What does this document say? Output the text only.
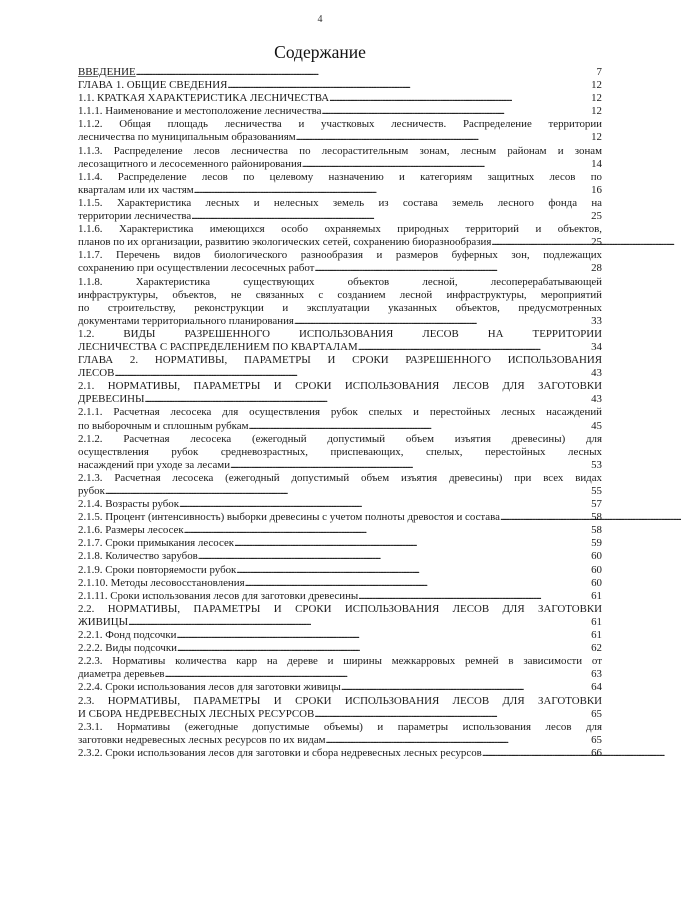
4
Содержание
ВВЕДЕНИЕ . . .	7
ГЛАВА 1. ОБЩИЕ СВЕДЕНИЯ . . .	12
1.1. КРАТКАЯ ХАРАКТЕРИСТИКА ЛЕСНИЧЕСТВА . . .	12
1.1.1. Наименование и местоположение лесничества . . .	12

1.1.2. Общая площадь лесничества и участковых лесничеств. Распределение территории

лесничества по муниципальным образованиям . . .	12

1.1.3. Распределение лесов лесничества по лесорастительным зонам, лесным районам и зонам

лесозащитного и лесосеменного районирования . . .	14

1.1.4. Распределение лесов по целевому назначению и категориям защитных лесов по

кварталам или их частям . . .	16

1.1.5. Характеристика лесных и нелесных земель из состава земель лесного фонда на

территории лесничества . . .	25

1.1.6. Характеристика имеющихся особо охраняемых природных территорий и объектов,

планов по их организации, развитию экологических сетей, сохранению биоразнообразия . . .	25

1.1.7. Перечень видов биологического разнообразия и размеров буферных зон, подлежащих

сохранению при осуществлении лесосечных работ . . .	28

1.1.8. Характеристика существующих объектов лесной, лесоперерабатывающей

инфраструктуры, объектов, не связанных с созданием лесной инфраструктуры, мероприятий

по строительству, реконструкции и эксплуатации указанных объектов, предусмотренных

документами территориального планирования . . .	33

1.2. ВИДЫ РАЗРЕШЕННОГО ИСПОЛЬЗОВАНИЯ ЛЕСОВ НА ТЕРРИТОРИИ

ЛЕСНИЧЕСТВА С РАСПРЕДЕЛЕНИЕМ ПО КВАРТАЛАМ . . .	34

ГЛАВА 2. НОРМАТИВЫ, ПАРАМЕТРЫ И СРОКИ РАЗРЕШЕННОГО ИСПОЛЬЗОВАНИЯ

ЛЕСОВ . . .	43

2.1. НОРМАТИВЫ, ПАРАМЕТРЫ И СРОКИ ИСПОЛЬЗОВАНИЯ ЛЕСОВ ДЛЯ ЗАГОТОВКИ

ДРЕВЕСИНЫ . . .	43

2.1.1. Расчетная лесосека для осуществления рубок спелых и перестойных лесных насаждений

по выборочным и сплошным рубкам . . .	45

2.1.2. Расчетная лесосека (ежегодный допустимый объем изъятия древесины) для

осуществления рубок средневозрастных, приспевающих, спелых, перестойных лесных

насаждений при уходе за лесами . . .	53

2.1.3. Расчетная лесосека (ежегодный допустимый объем изъятия древесины) при всех видах

рубок . . .	55
2.1.4. Возрасты рубок . . .	57
2.1.5. Процент (интенсивность) выборки древесины с учетом полноты древостоя и состава . . .	58
2.1.6. Размеры лесосек . . .	58
2.1.7. Сроки примыкания лесосек . . .	59
2.1.8. Количество зарубов . . .	60
2.1.9. Сроки повторяемости рубок . . .	60
2.1.10. Методы лесовосстановления . . .	60
2.1.11. Сроки использования лесов для заготовки древесины . . .	61

2.2. НОРМАТИВЫ, ПАРАМЕТРЫ И СРОКИ ИСПОЛЬЗОВАНИЯ ЛЕСОВ ДЛЯ ЗАГОТОВКИ

ЖИВИЦЫ . . .	61
2.2.1. Фонд подсочки . . .	61
2.2.2. Виды подсочки . . .	62

2.2.3. Нормативы количества карр на дереве и ширины межкарровых ремней в зависимости от

диаметра деревьев . . .	63
2.2.4. Сроки использования лесов для заготовки живицы . . .	64

2.3. НОРМАТИВЫ, ПАРАМЕТРЫ И СРОКИ ИСПОЛЬЗОВАНИЯ ЛЕСОВ ДЛЯ ЗАГОТОВКИ

И СБОРА НЕДРЕВЕСНЫХ ЛЕСНЫХ РЕСУРСОВ . . .	65

2.3.1. Нормативы (ежегодные допустимые объемы) и параметры использования лесов для

заготовки недревесных лесных ресурсов по их видам . . .	65
2.3.2. Сроки использования лесов для заготовки и сбора недревесных лесных ресурсов . . .	66
